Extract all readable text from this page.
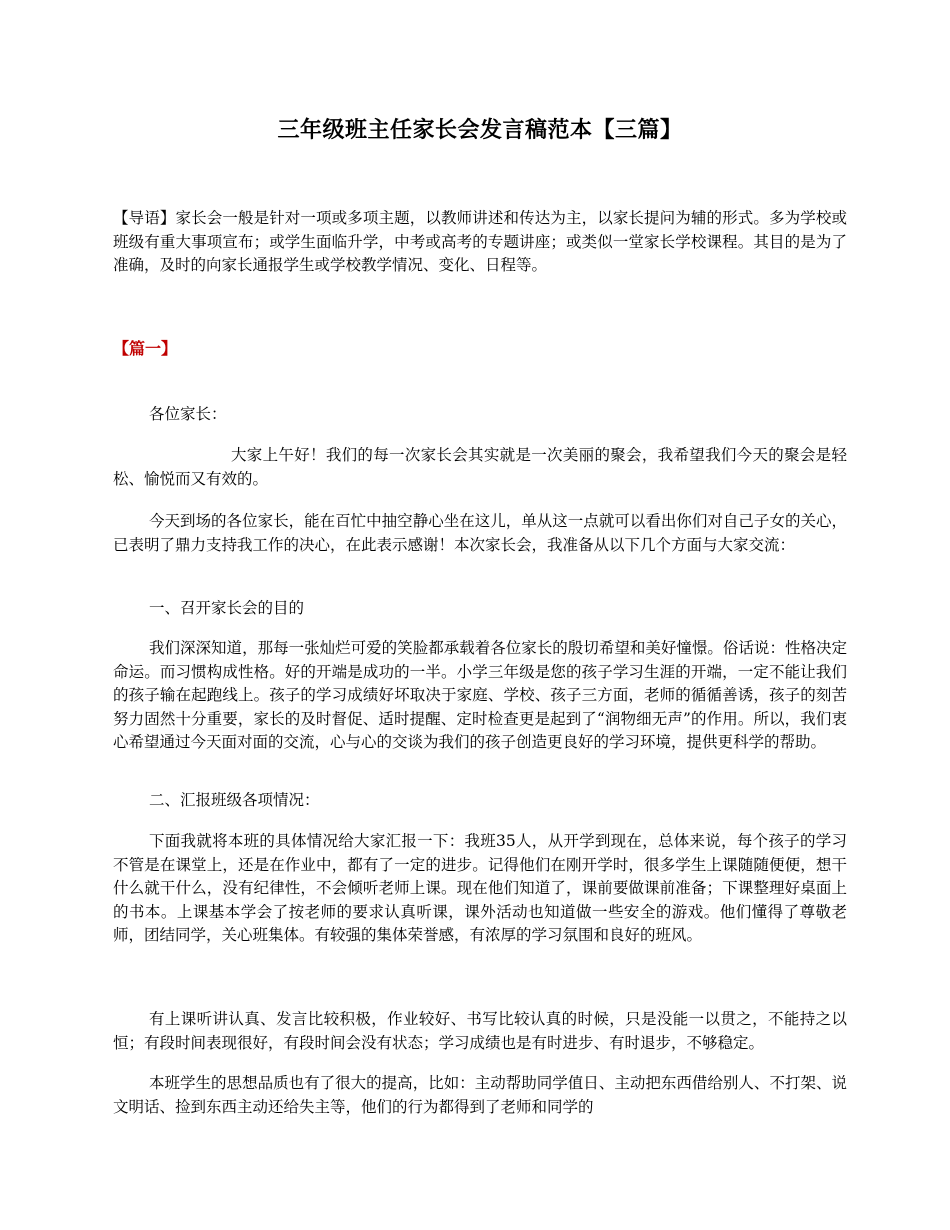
三年级班主任家长会发言稿范本【三篇】

【导语】家长会一般是针对一项或多项主题，以教师讲述和传达为主，以家长提问为辅的形式。多为学校或班级有重大事项宣布；或学生面临升学，中考或高考的专题讲座；或类似一堂家长学校课程。其目的是为了准确，及时的向家长通报学生或学校教学情况、变化、日程等。

【篇一】

各位家长：

大家上午好！我们的每一次家长会其实就是一次美丽的聚会，我希望我们今天的聚会是轻松、愉悦而又有效的。

今天到场的各位家长，能在百忙中抽空静心坐在这儿，单从这一点就可以看出你们对自己子女的关心，已表明了鼎力支持我工作的决心，在此表示感谢！本次家长会，我准备从以下几个方面与大家交流：

一、召开家长会的目的

我们深深知道，那每一张灿烂可爱的笑脸都承载着各位家长的殷切希望和美好憧憬。俗话说：性格决定命运。而习惯构成性格。好的开端是成功的一半。小学三年级是您的孩子学习生涯的开端，一定不能让我们的孩子输在起跑线上。孩子的学习成绩好坏取决于家庭、学校、孩子三方面，老师的循循善诱，孩子的刻苦努力固然十分重要，家长的及时督促、适时提醒、定时检查更是起到了“润物细无声”的作用。所以，我们衷心希望通过今天面对面的交流，心与心的交谈为我们的孩子创造更良好的学习环境，提供更科学的帮助。

二、汇报班级各项情况：

下面我就将本班的具体情况给大家汇报一下：我班35人，从开学到现在，总体来说，每个孩子的学习不管是在课堂上，还是在作业中，都有了一定的进步。记得他们在刚开学时，很多学生上课随随便便，想干什么就干什么，没有纪律性，不会倾听老师上课。现在他们知道了，课前要做课前准备；下课整理好桌面上的书本。上课基本学会了按老师的要求认真听课，课外活动也知道做一些安全的游戏。他们懂得了尊敬老师，团结同学，关心班集体。有较强的集体荣誉感，有浓厚的学习氛围和良好的班风。

有上课听讲认真、发言比较积极，作业较好、书写比较认真的时候，只是没能一以贯之，不能持之以恒；有段时间表现很好，有段时间会没有状态；学习成绩也是有时进步、有时退步，不够稳定。

本班学生的思想品质也有了很大的提高，比如：主动帮助同学值日、主动把东西借给别人、不打架、说文明话、捡到东西主动还给失主等，他们的行为都得到了老师和同学的
